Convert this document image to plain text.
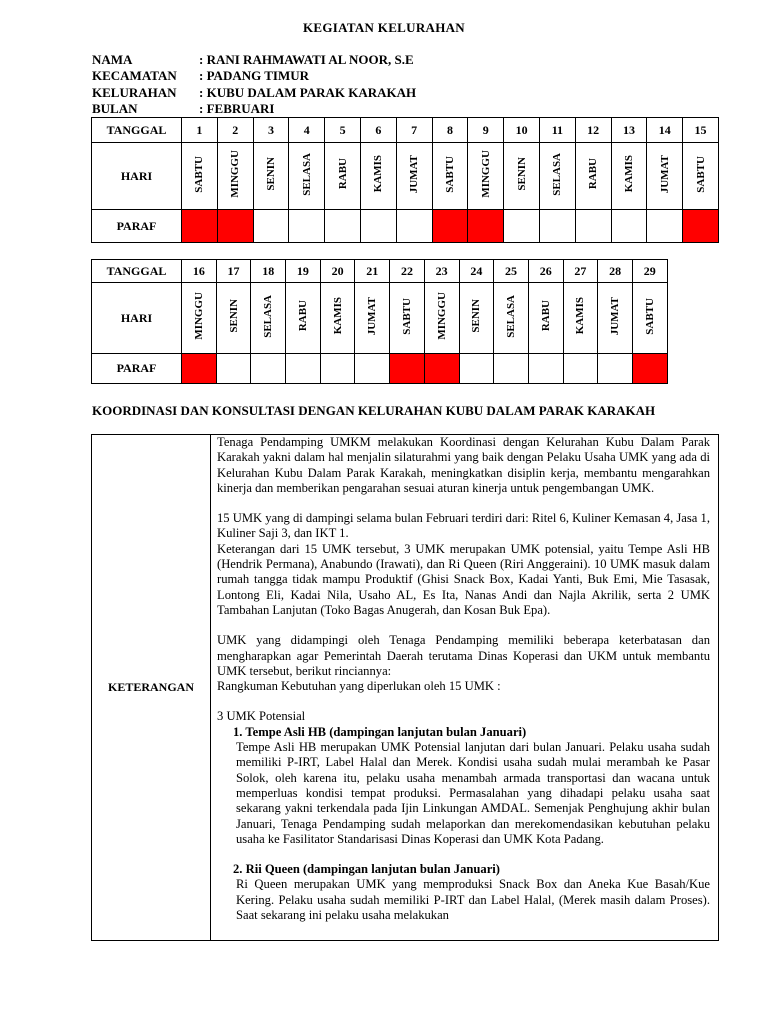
KEGIATAN KELURAHAN
NAMA	: RANI RAHMAWATI AL NOOR, S.E
KECAMATAN : PADANG TIMUR
KELURAHAN : KUBU DALAM PARAK KARAKAH
BULAN	: FEBRUARI
TANGGAL	1	2	3	4	5	6	7	8	9	10	11	12	13	14	15
HARI	SABTU	MINGGU	SENIN	SELASA	RABU	KAMIS	JUMAT	SABTU	MINGGU	SENIN	SELASA	RABU	KAMIS	JUMAT	SABTU
PARAF															
TANGGAL	16	17	18	19	20	21	22	23	24	25	26	27	28	29
HARI	MINGGU	SENIN	SELASA	RABU	KAMIS	JUMAT	SABTU	MINGGU	SENIN	SELASA	RABU	KAMIS	JUMAT	SABTU
PARAF														
KOORDINASI DAN KONSULTASI DENGAN KELURAHAN KUBU DALAM PARAK KARAKAH
KETERANGAN	

Tenaga Pendamping UMKM melakukan Koordinasi dengan Kelurahan Kubu Dalam Parak Karakah yakni dalam hal menjalin silaturahmi yang baik dengan Pelaku Usaha UMK yang ada di Kelurahan Kubu Dalam Parak Karakah, meningkatkan disiplin kerja, membantu mengarahkan kinerja dan memberikan pengarahan sesuai aturan kinerja untuk pengembangan UMK.

15 UMK yang di dampingi selama bulan Februari terdiri dari: Ritel 6, Kuliner Kemasan 4, Jasa 1, Kuliner Saji 3, dan IKT 1.

Keterangan dari 15 UMK tersebut, 3 UMK merupakan UMK potensial, yaitu Tempe Asli HB (Hendrik Permana), Anabundo (Irawati), dan Ri Queen (Riri Anggeraini). 10 UMK masuk dalam rumah tangga tidak mampu Produktif (Ghisi Snack Box, Kadai Yanti, Buk Emi, Mie Tasasak, Lontong Eli, Kadai Nila, Usaho AL, Es Ita, Nanas Andi dan Najla Akrilik, serta 2 UMK Tambahan Lanjutan (Toko Bagas Anugerah, dan Kosan Buk Epa).

UMK yang didampingi oleh Tenaga Pendamping memiliki beberapa keterbatasan dan mengharapkan agar Pemerintah Daerah terutama Dinas Koperasi dan UKM untuk membantu UMK tersebut, berikut rinciannya:

Rangkuman Kebutuhan yang diperlukan oleh 15 UMK :

3 UMK Potensial

1. Tempe Asli HB (dampingan lanjutan bulan Januari)

Tempe Asli HB merupakan UMK Potensial lanjutan dari bulan Januari. Pelaku usaha sudah memiliki P-IRT, Label Halal dan Merek. Kondisi usaha sudah mulai merambah ke Pasar Solok, oleh karena itu, pelaku usaha menambah armada transportasi dan wacana untuk memperluas kondisi tempat produksi. Permasalahan yang dihadapi pelaku usaha saat sekarang yakni terkendala pada Ijin Linkungan AMDAL. Semenjak Penghujung akhir bulan Januari, Tenaga Pendamping sudah melaporkan dan merekomendasikan kebutuhan pelaku usaha ke Fasilitator Standarisasi Dinas Koperasi dan UMK Kota Padang.

2. Rii Queen (dampingan lanjutan bulan Januari)

Ri Queen merupakan UMK yang memproduksi Snack Box dan Aneka Kue Basah/Kue Kering. Pelaku usaha sudah memiliki P-IRT dan Label Halal, (Merek masih dalam Proses). Saat sekarang ini pelaku usaha melakukan
